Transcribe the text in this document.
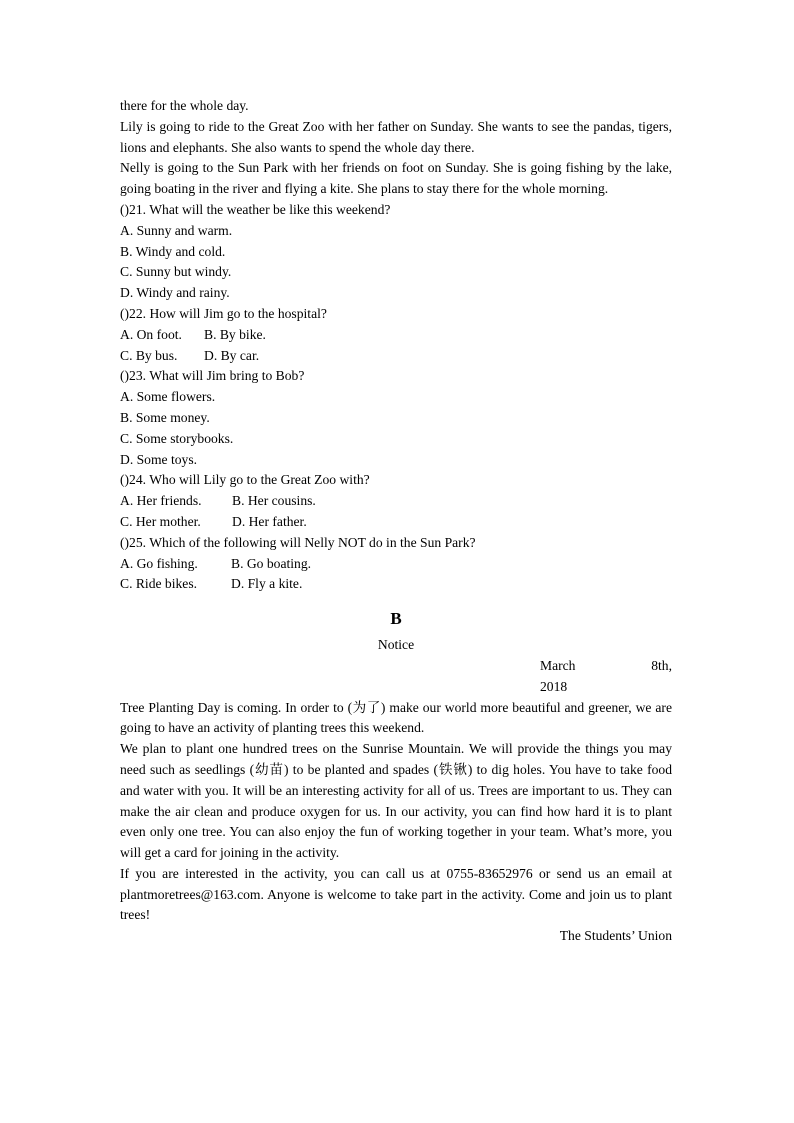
there for the whole day.

Lily is going to ride to the Great Zoo with her father on Sunday. She wants to see the pandas, tigers, lions and elephants. She also wants to spend the whole day there.

Nelly is going to the Sun Park with her friends on foot on Sunday. She is going fishing by the lake, going boating in the river and flying a kite. She plans to stay there for the whole morning.

()21. What will the weather be like this weekend?

A. Sunny and warm.

B. Windy and cold.

C. Sunny but windy.

D. Windy and rainy.

()22. How will Jim go to the hospital?

A. On foot. B. By bike.

C. By bus. D. By car.

()23. What will Jim bring to Bob?

A. Some flowers.

B. Some money.

C. Some storybooks.

D. Some toys.

()24. Who will Lily go to the Great Zoo with?

A. Her friends. B. Her cousins.

C. Her mother. D. Her father.

()25. Which of the following will Nelly NOT do in the Sun Park?

A. Go fishing. B. Go boating.

C. Ride bikes. D. Fly a kite.

B

Notice

March	8th,
2018

Tree Planting Day is coming. In order to (为了) make our world more beautiful and greener, we are going to have an activity of planting trees this weekend.

We plan to plant one hundred trees on the Sunrise Mountain. We will provide the things you may need such as seedlings (幼苗) to be planted and spades (铁锹) to dig holes. You have to take food and water with you. It will be an interesting activity for all of us. Trees are important to us. They can make the air clean and produce oxygen for us. In our activity, you can find how hard it is to plant even only one tree. You can also enjoy the fun of working together in your team. What’s more, you will get a card for joining in the activity.

If you are interested in the activity, you can call us at 0755-83652976 or send us an email at plantmoretrees@163.com. Anyone is welcome to take part in the activity. Come and join us to plant trees!

The Students’ Union
